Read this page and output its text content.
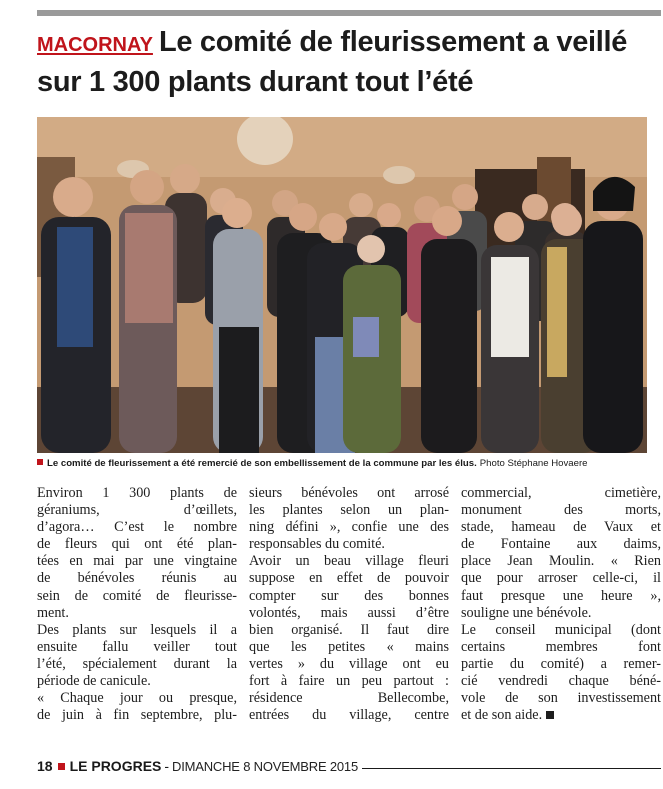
MACORNAY Le comité de fleurissement a veillé sur 1 300 plants durant tout l’été
Le comité de fleurissement a été remercié de son embellissement de la commune par les élus. Photo Stéphane Hovaere
Environ 1 300 plants de
géraniums, d’œillets,
d’agora… C’est le nombre
de fleurs qui ont été plan-
tées en mai par une vingtaine
de bénévoles réunis au
sein de comité de fleurisse-
ment.
Des plants sur lesquels il a
ensuite fallu veiller tout
l’été, spécialement durant la
période de canicule.
« Chaque jour ou presque,
de juin à fin septembre, plu-
sieurs bénévoles ont arrosé
les plantes selon un plan-
ning défini », confie une des
responsables du comité.
Avoir un beau village fleuri
suppose en effet de pouvoir
compter sur des bonnes
volontés, mais aussi d’être
bien organisé. Il faut dire
que les petites « mains
vertes » du village ont eu
fort à faire un peu partout :
résidence Bellecombe,
entrées du village, centre
commercial, cimetière,
monument des morts,
stade, hameau de Vaux et
de Fontaine aux daims,
place Jean Moulin. « Rien
que pour arroser celle-ci, il
faut presque une heure »,
souligne une bénévole.
Le conseil municipal (dont
certains membres font
partie du comité) a remer-
cié vendredi chaque béné-
vole de son investissement
et de son aide.
18 LE PROGRES - DIMANCHE 8 NOVEMBRE 2015
